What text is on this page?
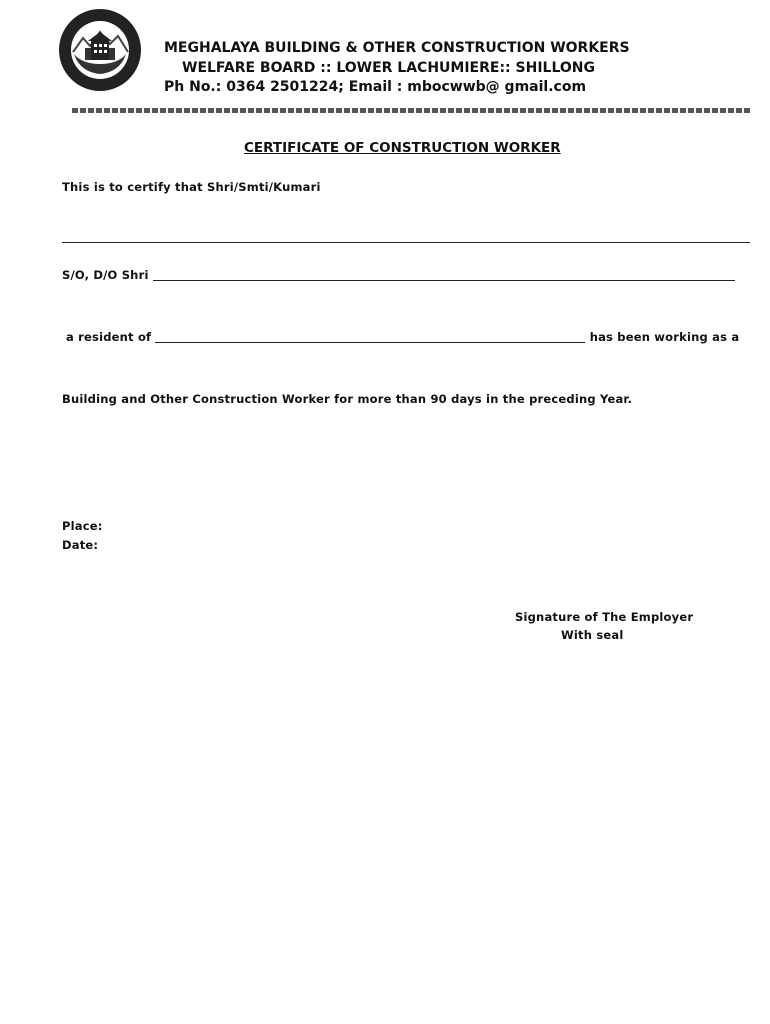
MEGHALAYA BUILDING & OTHER CONSTRUCTION WORKERS
WELFARE BOARD :: LOWER LACHUMIERE:: SHILLONG
Ph No.: 0364 2501224; Email : mbocwwb@ gmail.com
CERTIFICATE OF CONSTRUCTION WORKER
This is to certify that Shri/Smti/Kumari
S/O, D/O Shri
a resident of	has been working as a
Building and Other Construction Worker for more than 90 days in the preceding Year.
Place:
Date:
Signature of The Employer
With seal
